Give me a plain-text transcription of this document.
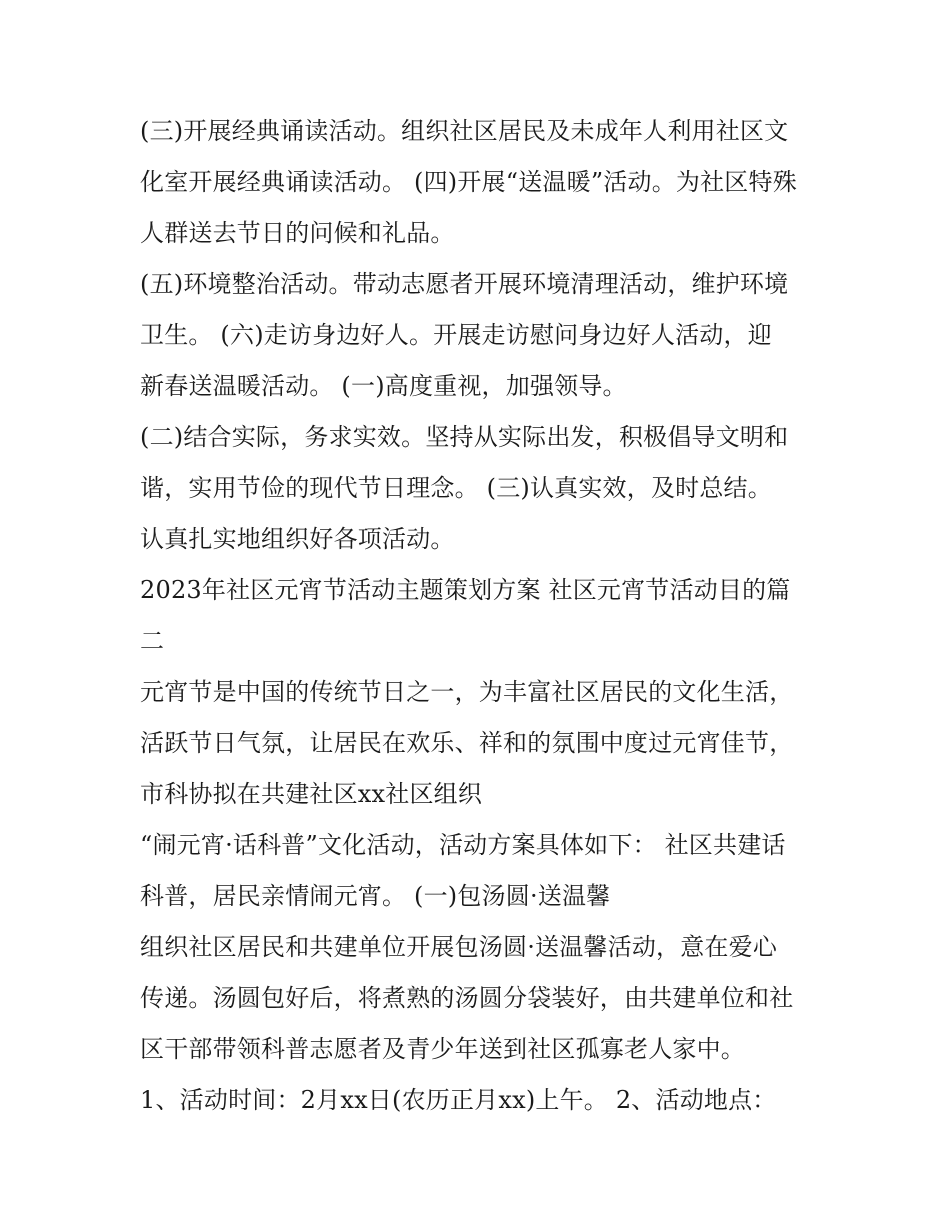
(三)开展经典诵读活动。组织社区居民及未成年人利用社区文
化室开展经典诵读活动。 (四)开展“送温暖”活动。为社区特殊
人群送去节日的问候和礼品。
(五)环境整治活动。带动志愿者开展环境清理活动，维护环境
卫生。 (六)走访身边好人。开展走访慰问身边好人活动，迎
新春送温暖活动。 (一)高度重视，加强领导。
(二)结合实际，务求实效。坚持从实际出发，积极倡导文明和
谐，实用节俭的现代节日理念。 (三)认真实效，及时总结。
认真扎实地组织好各项活动。
2023年社区元宵节活动主题策划方案 社区元宵节活动目的篇
二
元宵节是中国的传统节日之一，为丰富社区居民的文化生活，
活跃节日气氛，让居民在欢乐、祥和的氛围中度过元宵佳节，
市科协拟在共建社区xx社区组织
“闹元宵·话科普”文化活动，活动方案具体如下： 社区共建话
科普，居民亲情闹元宵。 (一)包汤圆·送温馨
组织社区居民和共建单位开展包汤圆·送温馨活动，意在爱心
传递。汤圆包好后，将煮熟的汤圆分袋装好，由共建单位和社
区干部带领科普志愿者及青少年送到社区孤寡老人家中。
1、活动时间：2月xx日(农历正月xx)上午。 2、活动地点：
